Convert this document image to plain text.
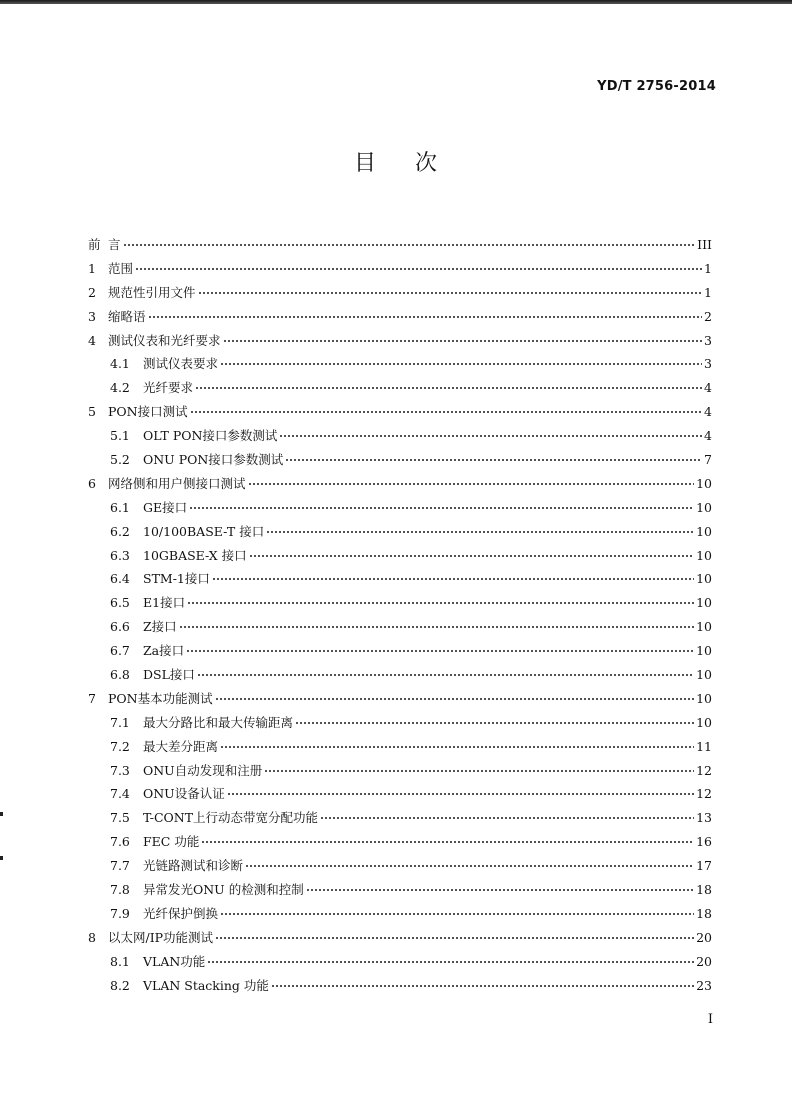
YD/T 2756-2014
目 次
前 言	III
1 范围	1
2 规范性引用文件	1
3 缩略语	2
4 测试仪表和光纤要求	3
4.1	测试仪表要求	3
4.2	光纤要求	4
5 PON接口测试	4
5.1	OLT PON接口参数测试	4
5.2	ONU PON接口参数测试	7
6 网络侧和用户侧接口测试	10
6.1	GE接口	10
6.2	10/100BASE-T 接口	10
6.3	10GBASE-X 接口	10
6.4	STM-1接口	10
6.5	E1接口	10
6.6	Z接口	10
6.7	Za接口	10
6.8	DSL接口	10
7 PON基本功能测试	10
7.1	最大分路比和最大传输距离	10
7.2	最大差分距离	11
7.3	ONU自动发现和注册	12
7.4	ONU设备认证	12
7.5	T-CONT上行动态带宽分配功能	13
7.6	FEC 功能	16
7.7	光链路测试和诊断	17
7.8	异常发光ONU 的检测和控制	18
7.9	光纤保护倒换	18
8 以太网/IP功能测试	20
8.1	VLAN功能	20
8.2	VLAN Stacking 功能	23
I
